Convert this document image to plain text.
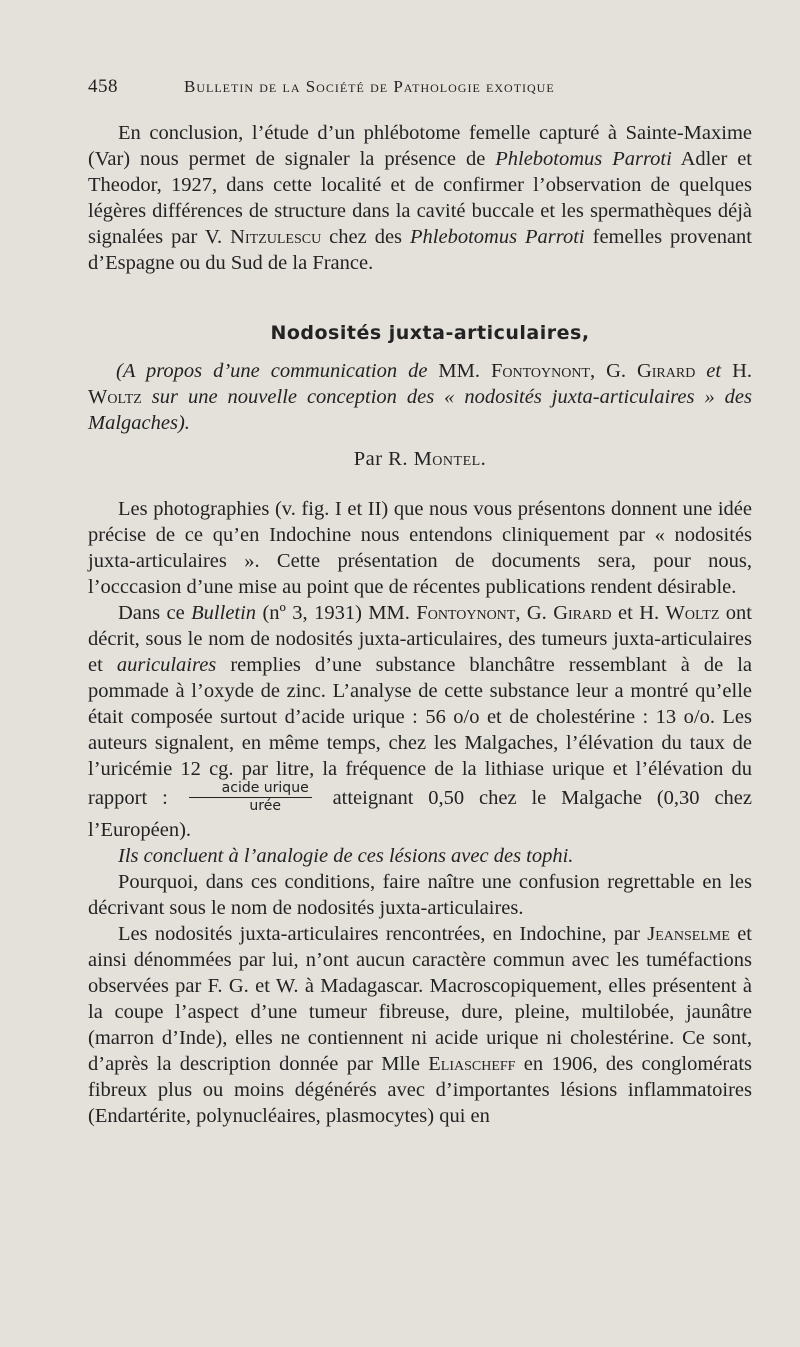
458	Bulletin de la Société de Pathologie exotique

En conclusion, l’étude d’un phlébotome femelle capturé à Sainte-Maxime (Var) nous permet de signaler la présence de Phlebotomus Parroti Adler et Theodor, 1927, dans cette localité et de confirmer l’observation de quelques légères différences de structure dans la cavité buccale et les spermathèques déjà signalées par V. Nitzulescu chez des Phlebotomus Parroti femelles provenant d’Espagne ou du Sud de la France.

Nodosités juxta-articulaires,

(A propos d’une communication de MM. Fontoynont, G. Girard et H. Woltz sur une nouvelle conception des « nodosités juxta-articulaires » des Malgaches).

Par R. Montel.

Les photographies (v. fig. I et II) que nous vous présentons donnent une idée précise de ce qu’en Indochine nous entendons cliniquement par « nodosités juxta-articulaires ». Cette présentation de documents sera, pour nous, l’occcasion d’une mise au point que de récentes publications rendent désirable.

Dans ce Bulletin (nº 3, 1931) MM. Fontoynont, G. Girard et H. Woltz ont décrit, sous le nom de nodosités juxta-articulaires, des tumeurs juxta-articulaires et auriculaires remplies d’une substance blanchâtre ressemblant à de la pommade à l’oxyde de zinc. L’analyse de cette substance leur a montré qu’elle était composée surtout d’acide urique : 56 o/o et de cholestérine : 13 o/o. Les auteurs signalent, en même temps, chez les Malgaches, l’élévation du taux de l’uricémie 12 cg. par litre, la fréquence de la lithiase urique et l’élévation du rapport : $\frac{\text{acide urique}}{\text{urée}}$ atteignant 0,50 chez le Malgache (0,30 chez l’Européen).

Ils concluent à l’analogie de ces lésions avec des tophi.

Pourquoi, dans ces conditions, faire naître une confusion regrettable en les décrivant sous le nom de nodosités juxta-articulaires.

Les nodosités juxta-articulaires rencontrées, en Indochine, par Jeanselme et ainsi dénommées par lui, n’ont aucun caractère commun avec les tuméfactions observées par F. G. et W. à Madagascar. Macroscopiquement, elles présentent à la coupe l’aspect d’une tumeur fibreuse, dure, pleine, multilobée, jaunâtre (marron d’Inde), elles ne contiennent ni acide urique ni cholestérine. Ce sont, d’après la description donnée par Mlle Eliascheff en 1906, des conglomérats fibreux plus ou moins dégénérés avec d’importantes lésions inflammatoires (Endartérite, polynucléaires, plasmocytes) qui en
